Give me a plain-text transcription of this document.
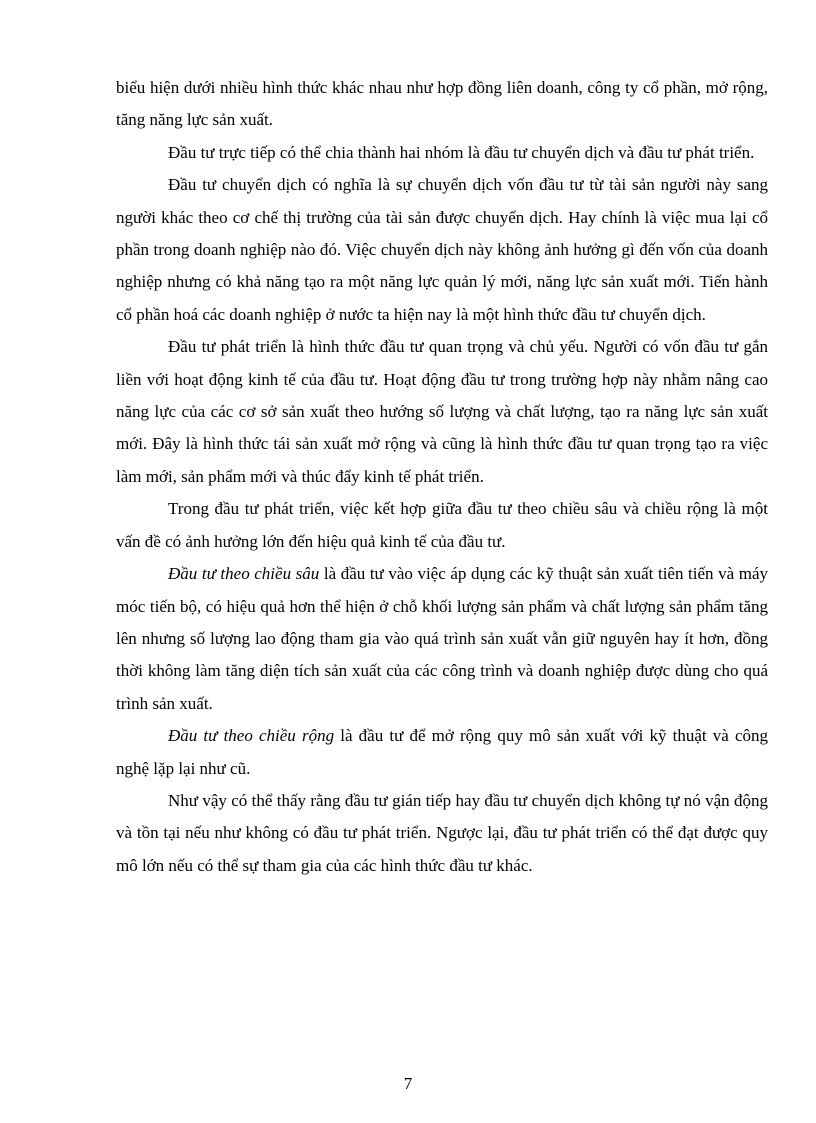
biểu hiện dưới nhiều hình thức khác nhau như hợp đồng liên doanh, công ty cổ phần, mở rộng, tăng năng lực sản xuất.

Đầu tư trực tiếp có thể chia thành hai nhóm là đầu tư chuyển dịch và đầu tư phát triển.

Đầu tư chuyển dịch có nghĩa là sự chuyển dịch vốn đầu tư từ tài sản người này sang người khác theo cơ chế thị trường của tài sản được chuyển dịch. Hay chính là việc mua lại cổ phần trong doanh nghiệp nào đó. Việc chuyển dịch này không ảnh hưởng gì đến vốn của doanh nghiệp nhưng có khả năng tạo ra một năng lực quản lý mới, năng lực sản xuất mới. Tiến hành cổ phần hoá các doanh nghiệp ở nước ta hiện nay là một hình thức đầu tư chuyển dịch.

Đầu tư phát triển là hình thức đầu tư quan trọng và chủ yếu. Người có vốn đầu tư gắn liền với hoạt động kinh tế của đầu tư. Hoạt động đầu tư trong trường hợp này nhằm nâng cao năng lực của các cơ sở sản xuất theo hướng số lượng và chất lượng, tạo ra năng lực sản xuất mới. Đây là hình thức tái sản xuất mở rộng và cũng là hình thức đầu tư quan trọng tạo ra việc làm mới, sản phẩm mới và thúc đẩy kinh tế phát triển.

Trong đầu tư phát triển, việc kết hợp giữa đầu tư theo chiều sâu và chiều rộng là một vấn đề có ảnh hưởng lớn đến hiệu quả kinh tế của đầu tư.

Đầu tư theo chiều sâu là đầu tư vào việc áp dụng các kỹ thuật sản xuất tiên tiến và máy móc tiến bộ, có hiệu quả hơn thể hiện ở chỗ khối lượng sản phẩm và chất lượng sản phẩm tăng lên nhưng số lượng lao động tham gia vào quá trình sản xuất vẫn giữ nguyên hay ít hơn, đồng thời không làm tăng diện tích sản xuất của các công trình và doanh nghiệp được dùng cho quá trình sản xuất.

Đầu tư theo chiều rộng là đầu tư để mở rộng quy mô sản xuất với kỹ thuật và công nghệ lặp lại như cũ.

Như vậy có thể thấy rằng đầu tư gián tiếp hay đầu tư chuyển dịch không tự nó vận động và tồn tại nếu như không có đầu tư phát triển. Ngược lại, đầu tư phát triển có thể đạt được quy mô lớn nếu có thể sự tham gia của các hình thức đầu tư khác.

7
